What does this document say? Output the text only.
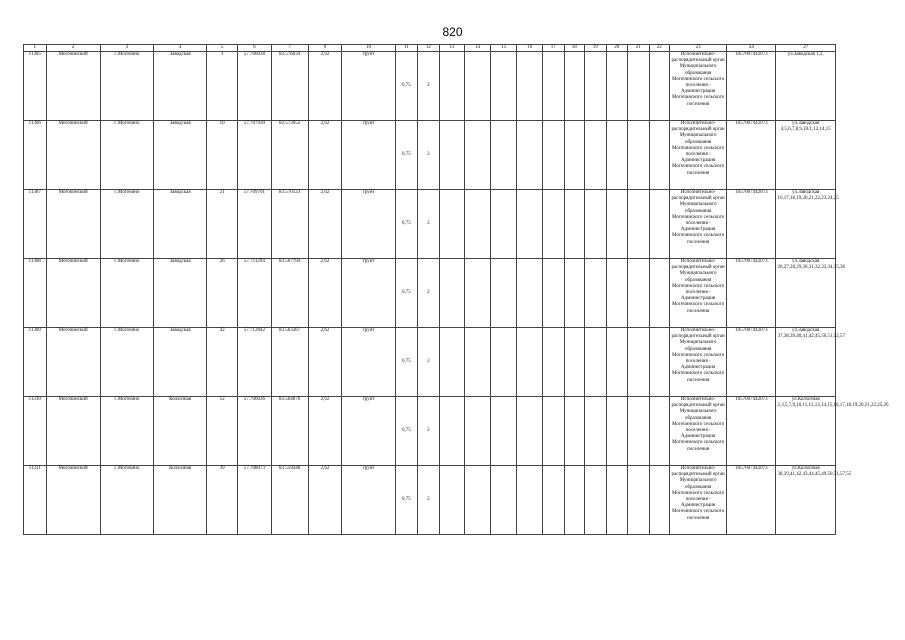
820
1	2	3	4	5	6	7	9	10	11	12	13	14	15	16	17	18	19	20	21	22	23	24	27
11305	Могочинский	с.Могочино	Заводская	1	57.706038	83.576034	2,62	грунт	0,75	2											Исполнительно-распорядительный орган Муниципального образования Могочинского сельского поселения - Администрация Могочинского сельского поселения	1057007442073	ул.Заводская 1,2,
11306	Могочинский	с.Могочино	Заводская	10	57.707930	83.573052	2,62	грунт	0,75	2											Исполнительно-распорядительный орган Муниципального образования Могочинского сельского поселения - Администрация Могочинского сельского поселения	1057007442073	ул.Заводская 4,5,6,7,8,9,10/1,12,14,15
11307	Могочинский	с.Могочино	Заводская	21	57.709701	83.570123	2,62	грунт	0,75	2											Исполнительно-распорядительный орган Муниципального образования Могочинского сельского поселения - Администрация Могочинского сельского поселения	1057007442073	ул.Заводская 16,17,18,19,20,21,22,23,24,25
11308	Могочинский	с.Могочино	Заводская	26	57.711294	83.567194	2,62	грунт	0,75	2											Исполнительно-распорядительный орган Муниципального образования Могочинского сельского поселения - Администрация Могочинского сельского поселения	1057007442073	ул.Заводская 26,27,28,29,30,31,32,33,34,35,36
11309	Могочинский	с.Могочино	Заводская	42	57.712842	83.563267	2,62	грунт	0,75	2											Исполнительно-распорядительный орган Муниципального образования Могочинского сельского поселения - Администрация Могочинского сельского поселения	1057007442073	ул.Заводская 37,38,39,40,41,42,45,50,51,52,57
11310	Могочинский	с.Могочино	Колхозная	12	57.706036	83.564876	2,62	грунт	0,75	2											Исполнительно-распорядительный орган Муниципального образования Могочинского сельского поселения - Администрация Могочинского сельского поселения	1057007442073	ул.Колхозная 2,3,5,7,9,10,11,12,13,14,15,16,17,18,19,20,21,22,25,26
11311	Могочинский	с.Могочино	Колхозная	39	57.708073	83.559448	2,62	грунт	0,75	2											Исполнительно-распорядительный орган Муниципального образования Могочинского сельского поселения - Администрация Могочинского сельского поселения	1057007442073	ул.Колхозная 38,39,41,42,43,44,45,49,50,51,57,55
